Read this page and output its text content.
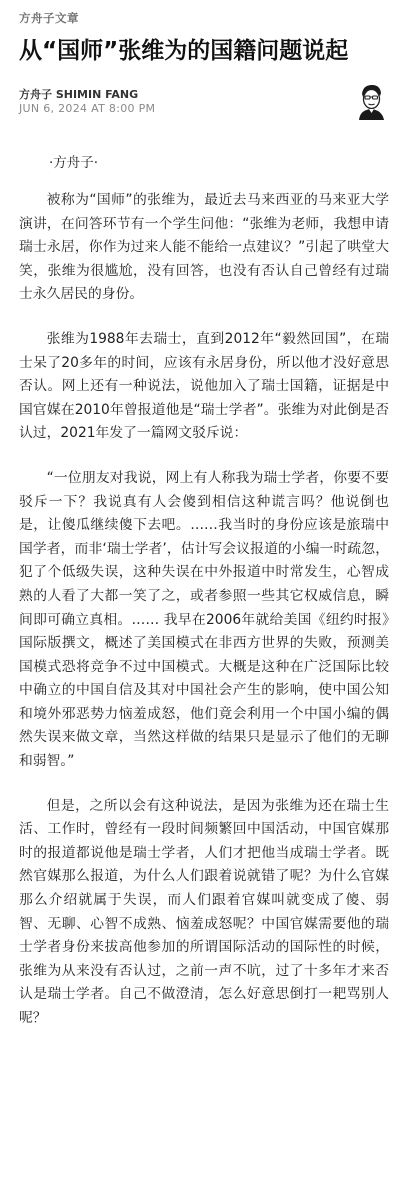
方舟子文章
从“国师”张维为的国籍问题说起
方舟子 SHIMIN FANG
JUN 6, 2024 AT 8:00 PM
·方舟子·

被称为“国师”的张维为，最近去马来西亚的马来亚大学演讲，在问答环节有一个学生问他：“张维为老师，我想申请瑞士永居，你作为过来人能不能给一点建议？”引起了哄堂大笑，张维为很尴尬，没有回答，也没有否认自己曾经有过瑞士永久居民的身份。

张维为1988年去瑞士，直到2012年“毅然回国”，在瑞士呆了20多年的时间，应该有永居身份，所以他才没好意思否认。网上还有一种说法，说他加入了瑞士国籍，证据是中国官媒在2010年曾报道他是“瑞士学者”。张维为对此倒是否认过，2021年发了一篇网文驳斥说：

“一位朋友对我说，网上有人称我为瑞士学者，你要不要驳斥一下？我说真有人会傻到相信这种谎言吗？他说倒也是，让傻瓜继续傻下去吧。……我当时的身份应该是旅瑞中国学者，而非‘瑞士学者’，估计写会议报道的小编一时疏忽，犯了个低级失误，这种失误在中外报道中时常发生，心智成熟的人看了大都一笑了之，或者参照一些其它权威信息，瞬间即可确立真相。…… 我早在2006年就给美国《纽约时报》国际版撰文，概述了美国模式在非西方世界的失败，预测美国模式恐将竞争不过中国模式。大概是这种在广泛国际比较中确立的中国自信及其对中国社会产生的影响，使中国公知和境外邪恶势力恼羞成怒，他们竟会利用一个中国小编的偶然失误来做文章，当然这样做的结果只是显示了他们的无聊和弱智。”

但是，之所以会有这种说法，是因为张维为还在瑞士生活、工作时，曾经有一段时间频繁回中国活动，中国官媒那时的报道都说他是瑞士学者，人们才把他当成瑞士学者。既然官媒那么报道，为什么人们跟着说就错了呢？为什么官媒那么介绍就属于失误，而人们跟着官媒叫就变成了傻、弱智、无聊、心智不成熟、恼羞成怒呢？中国官媒需要他的瑞士学者身份来拔高他参加的所谓国际活动的国际性的时候，张维为从来没有否认过，之前一声不吭，过了十多年才来否认是瑞士学者。自己不做澄清，怎么好意思倒打一耙骂别人呢？
